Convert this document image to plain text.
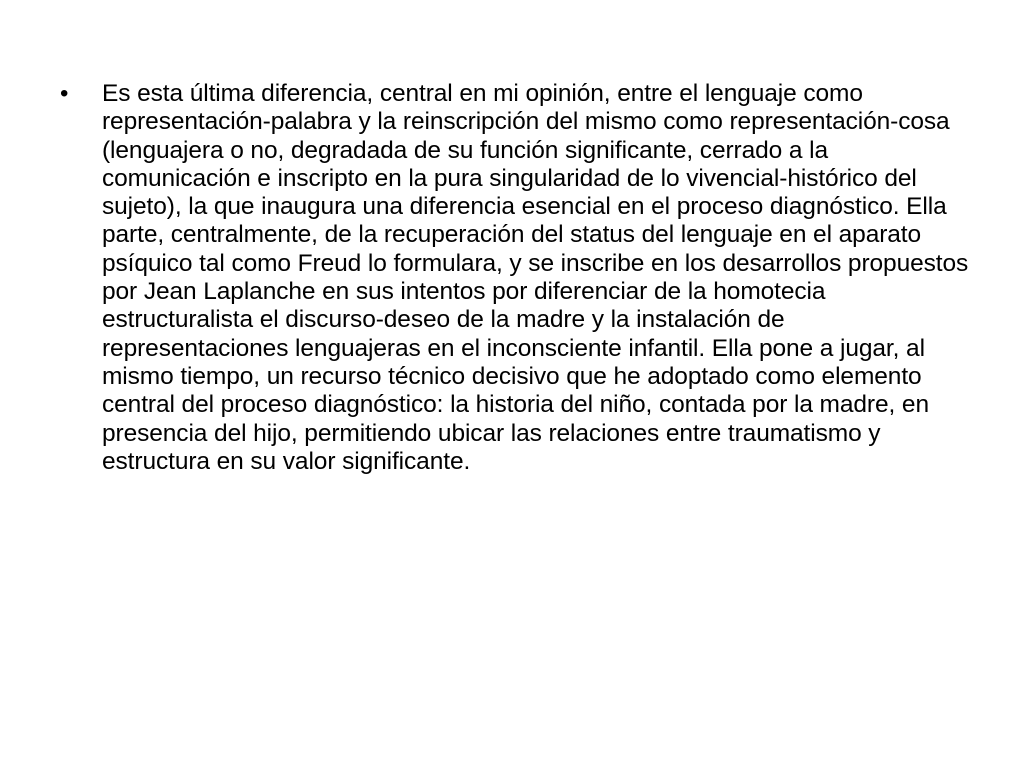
•	Es esta última diferencia, central en mi opinión, entre el lenguaje como representación-palabra y la reinscripción del mismo como representación-cosa (lenguajera o no, degradada de su función significante, cerrado a la comunicación e inscripto en la pura singularidad de lo vivencial-histórico del sujeto), la que inaugura una diferencia esencial en el proceso diagnóstico. Ella parte, centralmente, de la recuperación del status del lenguaje en el aparato psíquico tal como Freud lo formulara, y se inscribe en los desarrollos propuestos por Jean Laplanche en sus intentos por diferenciar de la homotecia estructuralista el discurso-deseo de la madre y la instalación de representaciones lenguajeras en el inconsciente infantil. Ella pone a jugar, al mismo tiempo, un recurso técnico decisivo que he adoptado como elemento central del proceso diagnóstico: la historia del niño, contada por la madre, en presencia del hijo, permitiendo ubicar las relaciones entre traumatismo y estructura en su valor significante.
